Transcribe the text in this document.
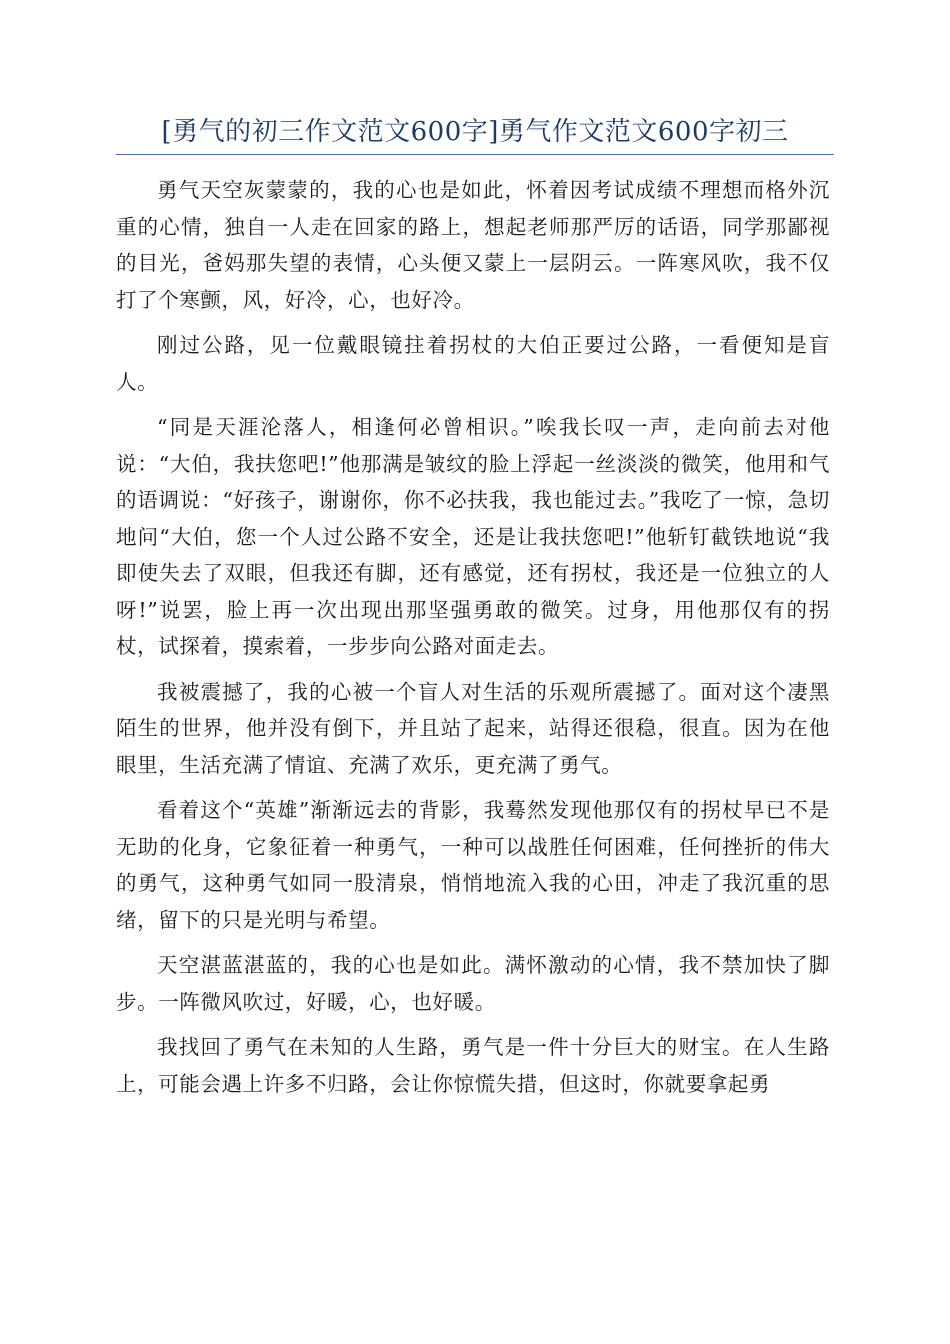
[勇气的初三作文范文600字]勇气作文范文600字初三

勇气天空灰蒙蒙的，我的心也是如此，怀着因考试成绩不理想而格外沉重的心情，独自一人走在回家的路上，想起老师那严厉的话语，同学那鄙视的目光，爸妈那失望的表情，心头便又蒙上一层阴云。一阵寒风吹，我不仅打了个寒颤，风，好冷，心，也好冷。

刚过公路，见一位戴眼镜拄着拐杖的大伯正要过公路，一看便知是盲人。

“同是天涯沦落人，相逢何必曾相识。”唉我长叹一声，走向前去对他说：“大伯，我扶您吧!”他那满是皱纹的脸上浮起一丝淡淡的微笑，他用和气的语调说：“好孩子，谢谢你，你不必扶我，我也能过去。”我吃了一惊，急切地问“大伯，您一个人过公路不安全，还是让我扶您吧!”他斩钉截铁地说“我即使失去了双眼，但我还有脚，还有感觉，还有拐杖，我还是一位独立的人呀!”说罢，脸上再一次出现出那坚强勇敢的微笑。过身，用他那仅有的拐杖，试探着，摸索着，一步步向公路对面走去。

我被震撼了，我的心被一个盲人对生活的乐观所震撼了。面对这个凄黑陌生的世界，他并没有倒下，并且站了起来，站得还很稳，很直。因为在他眼里，生活充满了情谊、充满了欢乐，更充满了勇气。

看着这个“英雄”渐渐远去的背影，我蓦然发现他那仅有的拐杖早已不是无助的化身，它象征着一种勇气，一种可以战胜任何困难，任何挫折的伟大的勇气，这种勇气如同一股清泉，悄悄地流入我的心田，冲走了我沉重的思绪，留下的只是光明与希望。

天空湛蓝湛蓝的，我的心也是如此。满怀激动的心情，我不禁加快了脚步。一阵微风吹过，好暖，心，也好暖。

我找回了勇气在未知的人生路，勇气是一件十分巨大的财宝。在人生路上，可能会遇上许多不归路，会让你惊慌失措，但这时，你就要拿起勇
